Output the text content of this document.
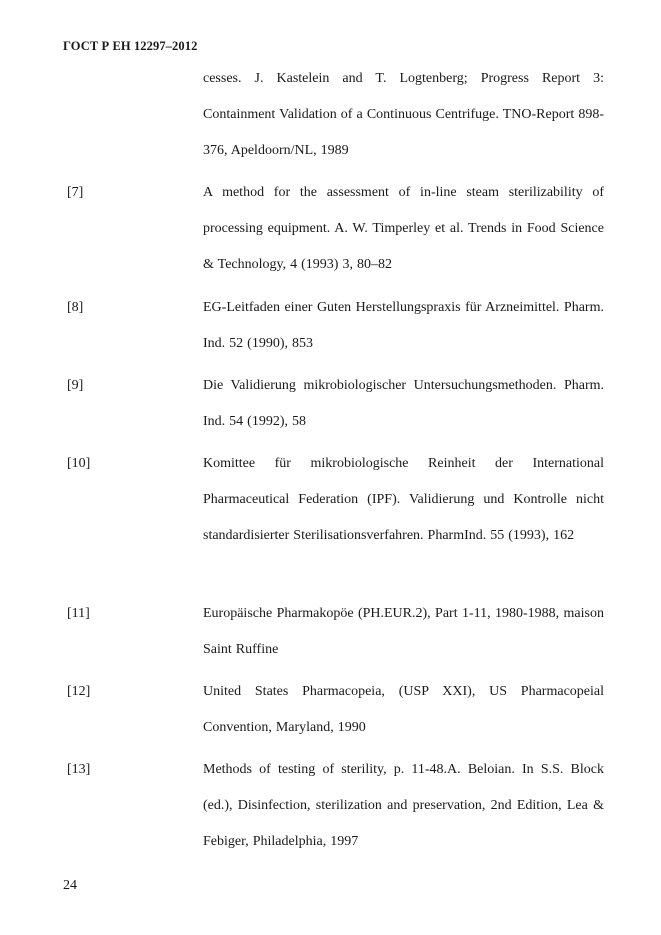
ГОСТ Р ЕН 12297–2012
cesses. J. Kastelein and T. Logtenberg; Progress Report 3: Containment Validation of a Continuous Centrifuge. TNO-Report 898-376, Apeldoorn/NL, 1989
[7]	A method for the assessment of in-line steam sterilizability of processing equipment. A. W. Timperley et al. Trends in Food Science & Technology, 4 (1993) 3, 80–82
[8]	EG-Leitfaden einer Guten Herstellungspraxis für Arzneimittel. Pharm. Ind. 52 (1990), 853
[9]	Die Validierung mikrobiologischer Untersuchungsmethoden. Pharm. Ind. 54 (1992), 58
[10]	Komittee für mikrobiologische Reinheit der International Pharmaceutical Federation (IPF). Validierung und Kontrolle nicht standardisierter Sterilisationsverfahren. PharmInd. 55 (1993), 162
[11]	Europäische Pharmakopöe (PH.EUR.2), Part 1-11, 1980-1988, maison Saint Ruffine
[12]	United States Pharmacopeia, (USP XXI), US Pharmacopeial Convention, Maryland, 1990
[13]	Methods of testing of sterility, p. 11-48.A. Beloian. In S.S. Block (ed.), Disinfection, sterilization and preservation, 2nd Edition, Lea & Febiger, Philadelphia, 1997
24
